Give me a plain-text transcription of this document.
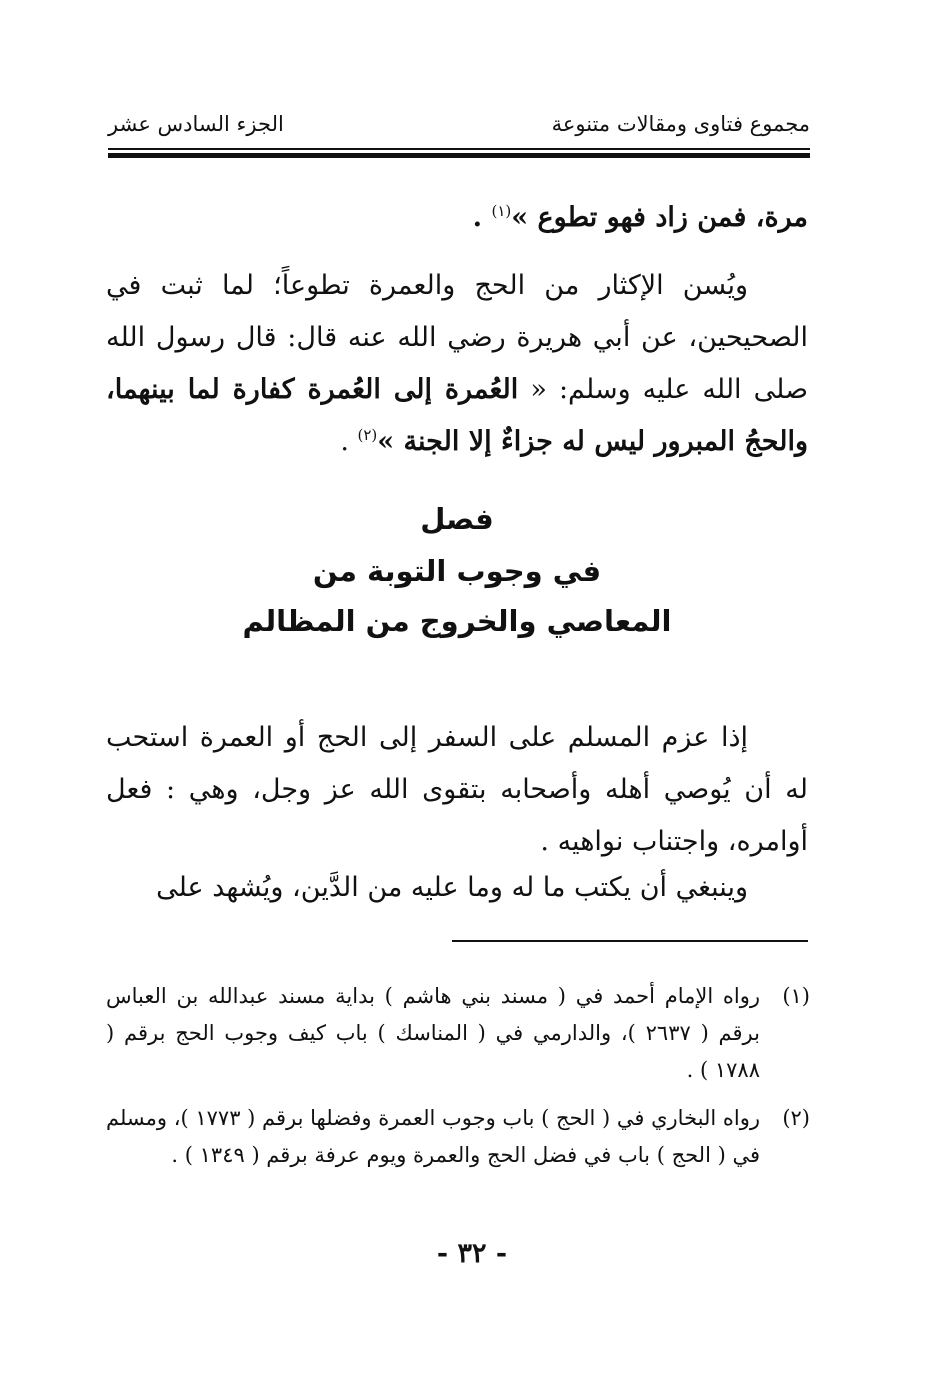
مجموع فتاوى ومقالات متنوعة
الجزء السادس عشر

مرة، فمن زاد فهو تطوع »$^{(١)}$ .

ويُسن الإكثار من الحج والعمرة تطوعاً؛ لما ثبت في الصحيحين، عن أبي هريرة رضي الله عنه قال: قال رسول الله صلى الله عليه وسلم: « العُمرة إلى العُمرة كفارة لما بينهما، والحجُ المبرور ليس له جزاءٌ إلا الجنة »$^{(٢)}$ .

فصل
في وجوب التوبة من
المعاصي والخروج من المظالم

إذا عزم المسلم على السفر إلى الحج أو العمرة استحب له أن يُوصي أهله وأصحابه بتقوى الله عز وجل، وهي : فعل أوامره، واجتناب نواهيه .

وينبغي أن يكتب ما له وما عليه من الدَّين، ويُشهد على

(١)
رواه الإمام أحمد في ( مسند بني هاشم ) بداية مسند عبدالله بن العباس برقم ( ٢٦٣٧ )، والدارمي في ( المناسك ) باب كيف وجوب الحج برقم ( ١٧٨٨ ) .
(٢)
رواه البخاري في ( الحج ) باب وجوب العمرة وفضلها برقم ( ١٧٧٣ )، ومسلم في ( الحج ) باب في فضل الحج والعمرة ويوم عرفة برقم ( ١٣٤٩ ) .
- ٣٢ -
